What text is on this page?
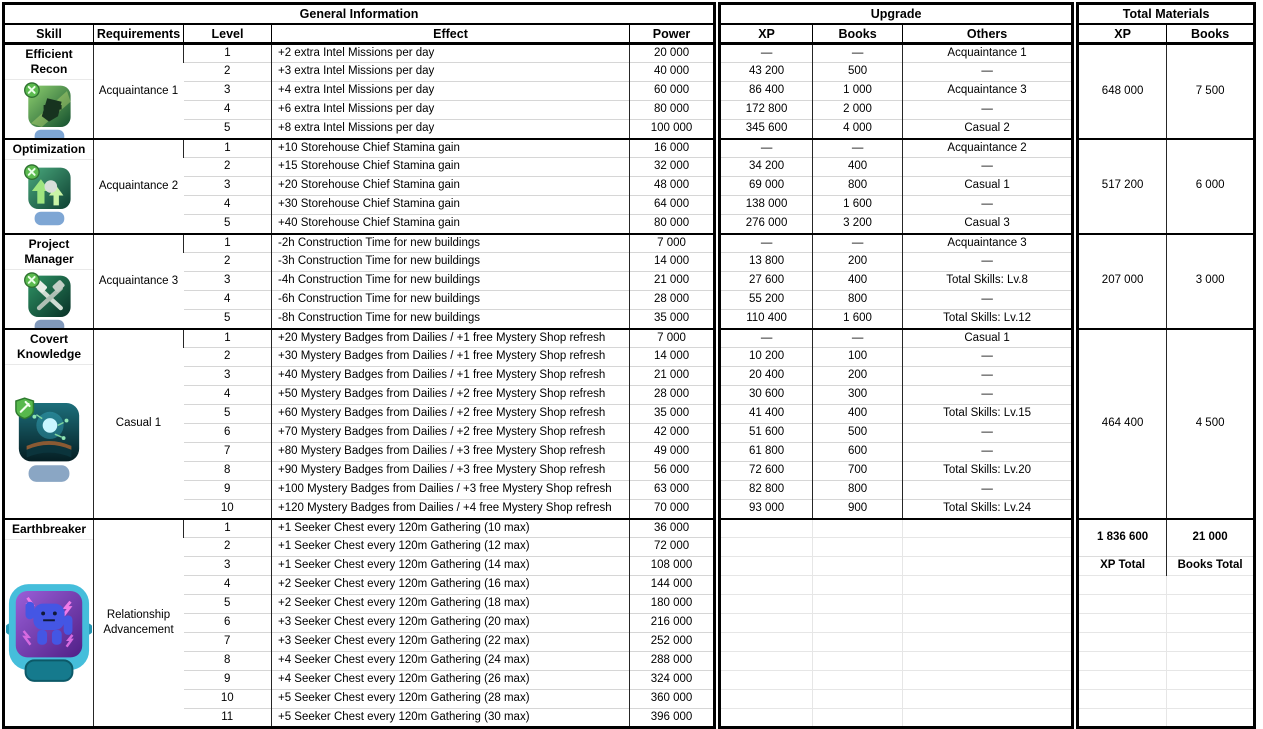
General Information				
Skill	Requirements	Level	Effect	Power

Efficient Recon	Acquaintance 1	1	+2 extra Intel Missions per day	20 000
		2	+3 extra Intel Missions per day	40 000
		3	+4 extra Intel Missions per day	60 000
		4	+6 extra Intel Missions per day	80 000
		5	+8 extra Intel Missions per day	100 000

Optimization	Acquaintance 2	1	+10 Storehouse Chief Stamina gain	16 000
		2	+15 Storehouse Chief Stamina gain	32 000
		3	+20 Storehouse Chief Stamina gain	48 000
		4	+30 Storehouse Chief Stamina gain	64 000
		5	+40 Storehouse Chief Stamina gain	80 000

Project Manager	Acquaintance 3	1	-2h Construction Time for new buildings	7 000
		2	-3h Construction Time for new buildings	14 000
		3	-4h Construction Time for new buildings	21 000
		4	-6h Construction Time for new buildings	28 000
		5	-8h Construction Time for new buildings	35 000

Covert Knowledge	Casual 1	1	+20 Mystery Badges from Dailies / +1 free Mystery Shop refresh	7 000
		2	+30 Mystery Badges from Dailies / +1 free Mystery Shop refresh	14 000
		3	+40 Mystery Badges from Dailies / +1 free Mystery Shop refresh	21 000
		4	+50 Mystery Badges from Dailies / +2 free Mystery Shop refresh	28 000
		5	+60 Mystery Badges from Dailies / +2 free Mystery Shop refresh	35 000
		6	+70 Mystery Badges from Dailies / +2 free Mystery Shop refresh	42 000
		7	+80 Mystery Badges from Dailies / +3 free Mystery Shop refresh	49 000
		8	+90 Mystery Badges from Dailies / +3 free Mystery Shop refresh	56 000
		9	+100 Mystery Badges from Dailies / +3 free Mystery Shop refresh	63 000
		10	+120 Mystery Badges from Dailies / +4 free Mystery Shop refresh	70 000

Earthbreaker	Relationship Advancement	1	+1 Seeker Chest every 120m Gathering (10 max)	36 000
		2	+1 Seeker Chest every 120m Gathering (12 max)	72 000
		3	+1 Seeker Chest every 120m Gathering (14 max)	108 000
		4	+2 Seeker Chest every 120m Gathering (16 max)	144 000
		5	+2 Seeker Chest every 120m Gathering (18 max)	180 000
		6	+3 Seeker Chest every 120m Gathering (20 max)	216 000
		7	+3 Seeker Chest every 120m Gathering (22 max)	252 000
		8	+4 Seeker Chest every 120m Gathering (24 max)	288 000
		9	+4 Seeker Chest every 120m Gathering (26 max)	324 000
		10	+5 Seeker Chest every 120m Gathering (28 max)	360 000
		11	+5 Seeker Chest every 120m Gathering (30 max)	396 000
Upgrade		
XP	Books	Others
—	—	Acquaintance 1
43 200	500	—
86 400	1 000	Acquaintance 3
172 800	2 000	—
345 600	4 000	Casual 2
—	—	Acquaintance 2
34 200	400	—
69 000	800	Casual 1
138 000	1 600	—
276 000	3 200	Casual 3
—	—	Acquaintance 3
13 800	200	—
27 600	400	Total Skills: Lv.8
55 200	800	—
110 400	1 600	Total Skills: Lv.12
—	—	Casual 1
10 200	100	—
20 400	200	—
30 600	300	—
41 400	400	Total Skills: Lv.15
51 600	500	—
61 800	600	—
72 600	700	Total Skills: Lv.20
82 800	800	—
93 000	900	Total Skills: Lv.24

Total Materials	
XP	Books
648 000	7 500

517 200	6 000

207 000	3 000

464 400	4 500

1 836 600	21 000

XP Total	Books Total
